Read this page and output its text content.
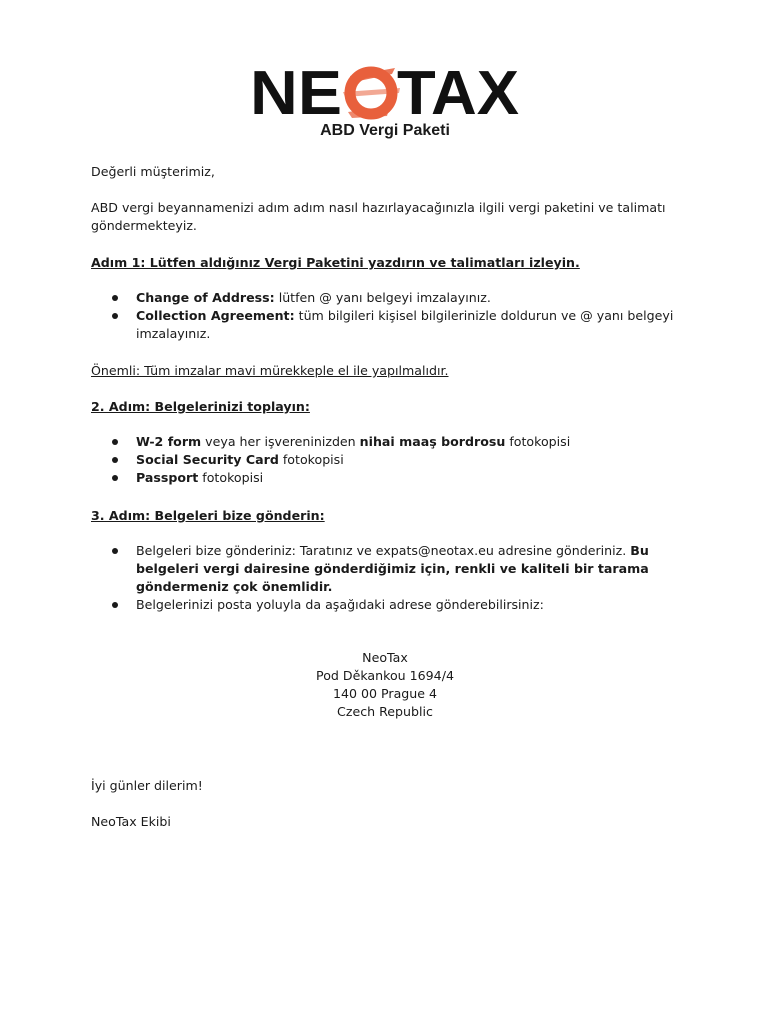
NE TAX
ABD Vergi Paketi

Değerli müşterimiz,

ABD vergi beyannamenizi adım adım nasıl hazırlayacağınızla ilgili vergi paketini ve talimatı göndermekteyiz.

Adım 1: Lütfen aldığınız Vergi Paketini yazdırın ve talimatları izleyin.

Change of Address: lütfen @ yanı belgeyi imzalayınız.
Collection Agreement: tüm bilgileri kişisel bilgilerinizle doldurun ve @ yanı belgeyi imzalayınız.

Önemli: Tüm imzalar mavi mürekkeple el ile yapılmalıdır.

2. Adım: Belgelerinizi toplayın:

W-2 form veya her işvereninizden nihai maaş bordrosu fotokopisi
Social Security Card fotokopisi
Passport fotokopisi

3. Adım: Belgeleri bize gönderin:

Belgeleri bize gönderiniz: Taratınız ve expats@neotax.eu adresine gönderiniz. Bu belgeleri vergi dairesine gönderdiğimiz için, renkli ve kaliteli bir tarama göndermeniz çok önemlidir.
Belgelerinizi posta yoluyla da aşağıdaki adrese gönderebilirsiniz:
NeoTax
Pod Děkankou 1694/4
140 00 Prague 4
Czech Republic

İyi günler dilerim!

NeoTax Ekibi
